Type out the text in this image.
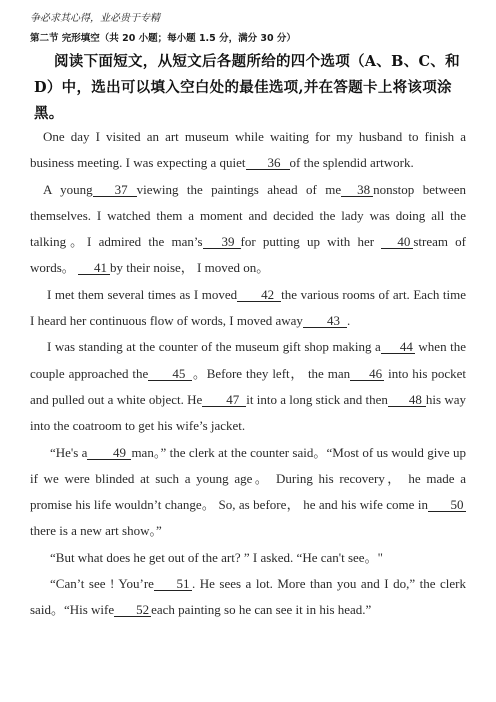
争必求其心得，业必贵于专精
第二节 完形填空（共 20 小题；每小题 1.5 分，满分 30 分）
阅读下面短文，从短文后各题所给的四个选项（A、B、C、和 D）中，选出可以填入空白处的最佳选项,并在答题卡上将该项涂黑。

One day I visited an art museum while waiting for my husband to finish a business meeting. I was expecting a quiet 36 of the splendid artwork.

A young 37 viewing the paintings ahead of me 38 nonstop between themselves. I watched them a moment and decided the lady was doing all the talking。I admired the man’s 39 for putting up with her 40 stream of words。 41 by their noise， I moved on。

I met them several times as I moved 42 the various rooms of art. Each time I heard her continuous flow of words, I moved away 43 .

I was standing at the counter of the museum gift shop making a 44 when the couple approached the 45 。Before they left， the man 46 into his pocket and pulled out a white object. He 47 it into a long stick and then 48 his way into the coatroom to get his wife’s jacket.

“He's a 49 man。” the clerk at the counter said。“Most of us would give up if we were blinded at such a young age。 During his recovery， he made a promise his life wouldn’t change。 So, as before， he and his wife come in 50there is a new art show。”

“But what does he get out of the art? ” I asked. “He can't see。"

“Can’t see ! You’re 51 . He sees a lot. More than you and I do,” the clerk said。“His wife 52 each painting so he can see it in his head.”
